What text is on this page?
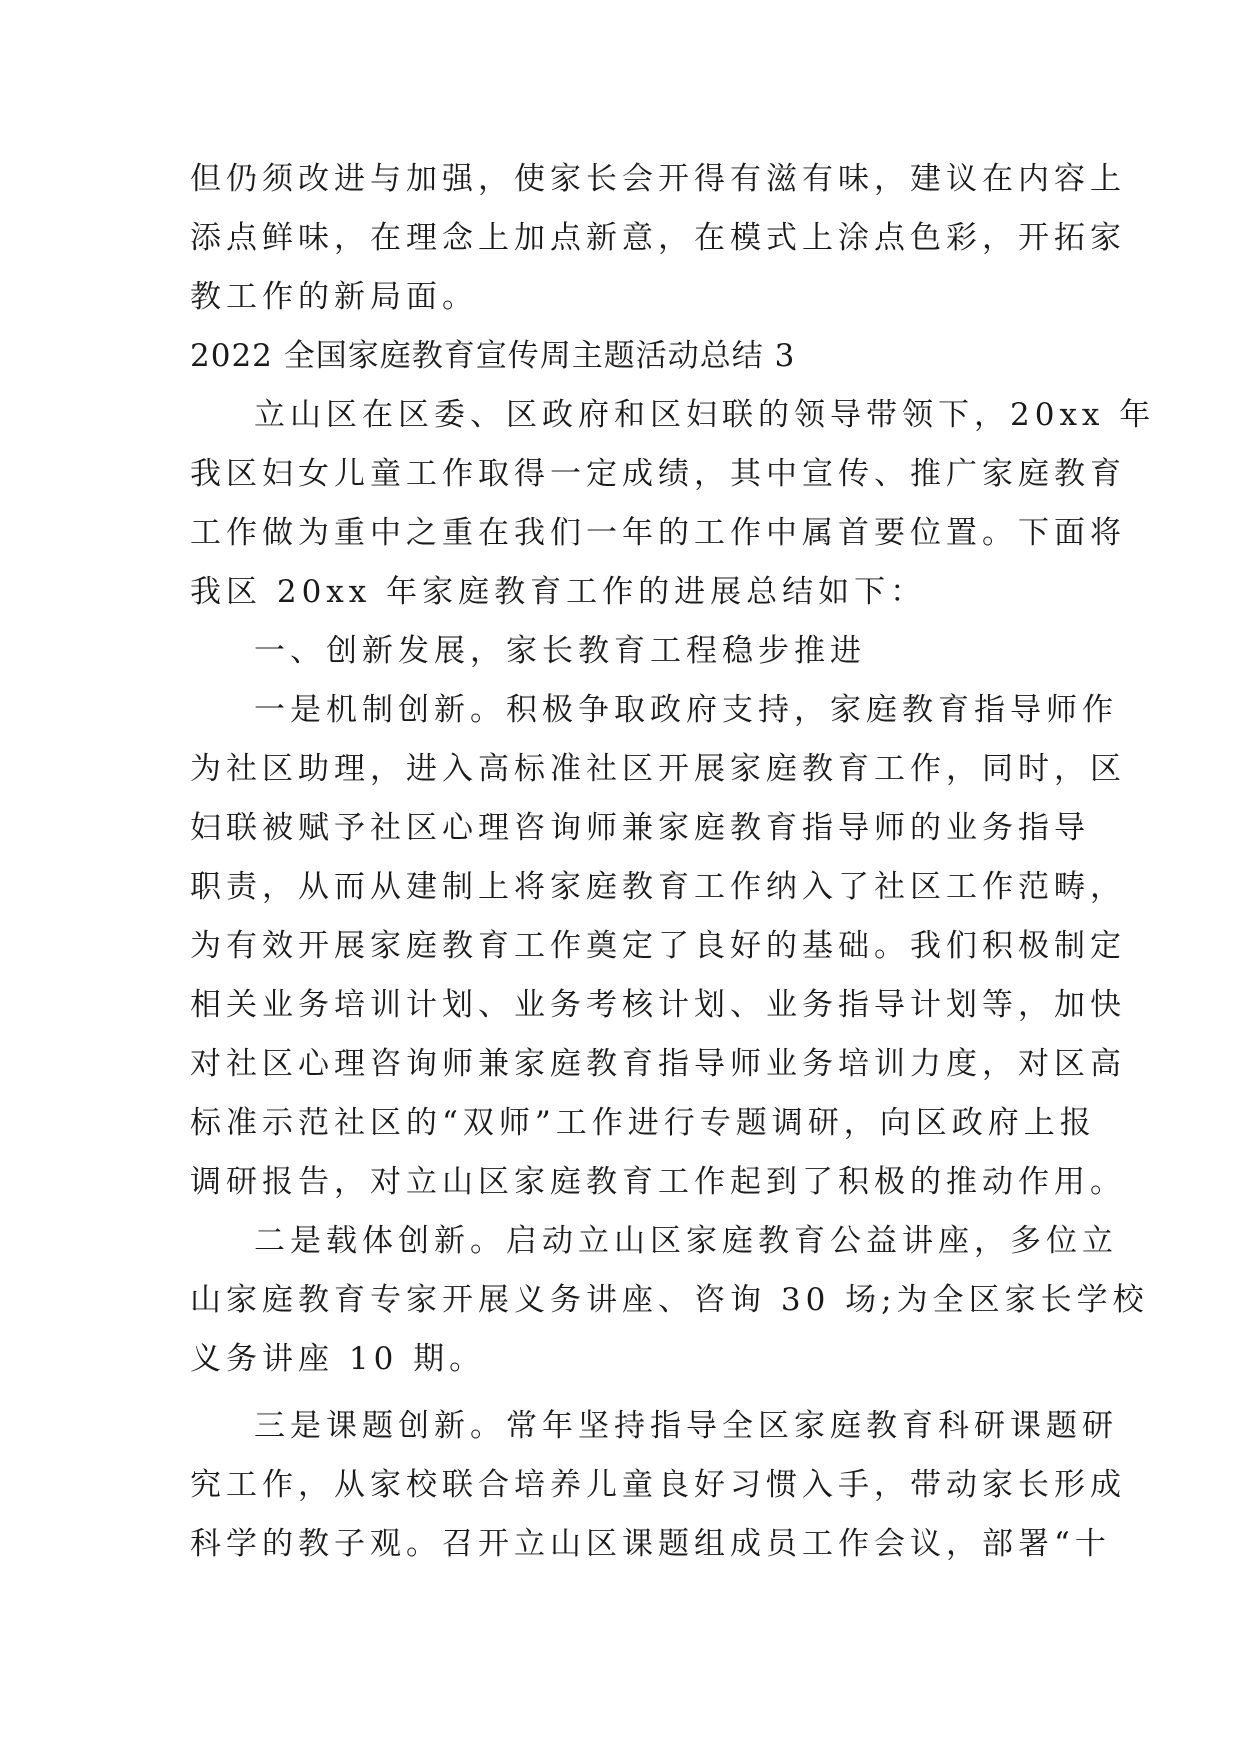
但仍须改进与加强，使家长会开得有滋有味，建议在内容上
添点鲜味，在理念上加点新意，在模式上涂点色彩，开拓家
教工作的新局面。
2022 全国家庭教育宣传周主题活动总结 3
立山区在区委、区政府和区妇联的领导带领下，20xx 年
我区妇女儿童工作取得一定成绩，其中宣传、推广家庭教育
工作做为重中之重在我们一年的工作中属首要位置。下面将
我区 20xx 年家庭教育工作的进展总结如下：
一、创新发展，家长教育工程稳步推进
一是机制创新。积极争取政府支持，家庭教育指导师作
为社区助理，进入高标准社区开展家庭教育工作，同时，区
妇联被赋予社区心理咨询师兼家庭教育指导师的业务指导
职责，从而从建制上将家庭教育工作纳入了社区工作范畴，
为有效开展家庭教育工作奠定了良好的基础。我们积极制定
相关业务培训计划、业务考核计划、业务指导计划等，加快
对社区心理咨询师兼家庭教育指导师业务培训力度，对区高
标准示范社区的“双师”工作进行专题调研，向区政府上报
调研报告，对立山区家庭教育工作起到了积极的推动作用。
二是载体创新。启动立山区家庭教育公益讲座，多位立
山家庭教育专家开展义务讲座、咨询 30 场;为全区家长学校
义务讲座 10 期。
三是课题创新。常年坚持指导全区家庭教育科研课题研
究工作，从家校联合培养儿童良好习惯入手，带动家长形成
科学的教子观。召开立山区课题组成员工作会议，部署“十
